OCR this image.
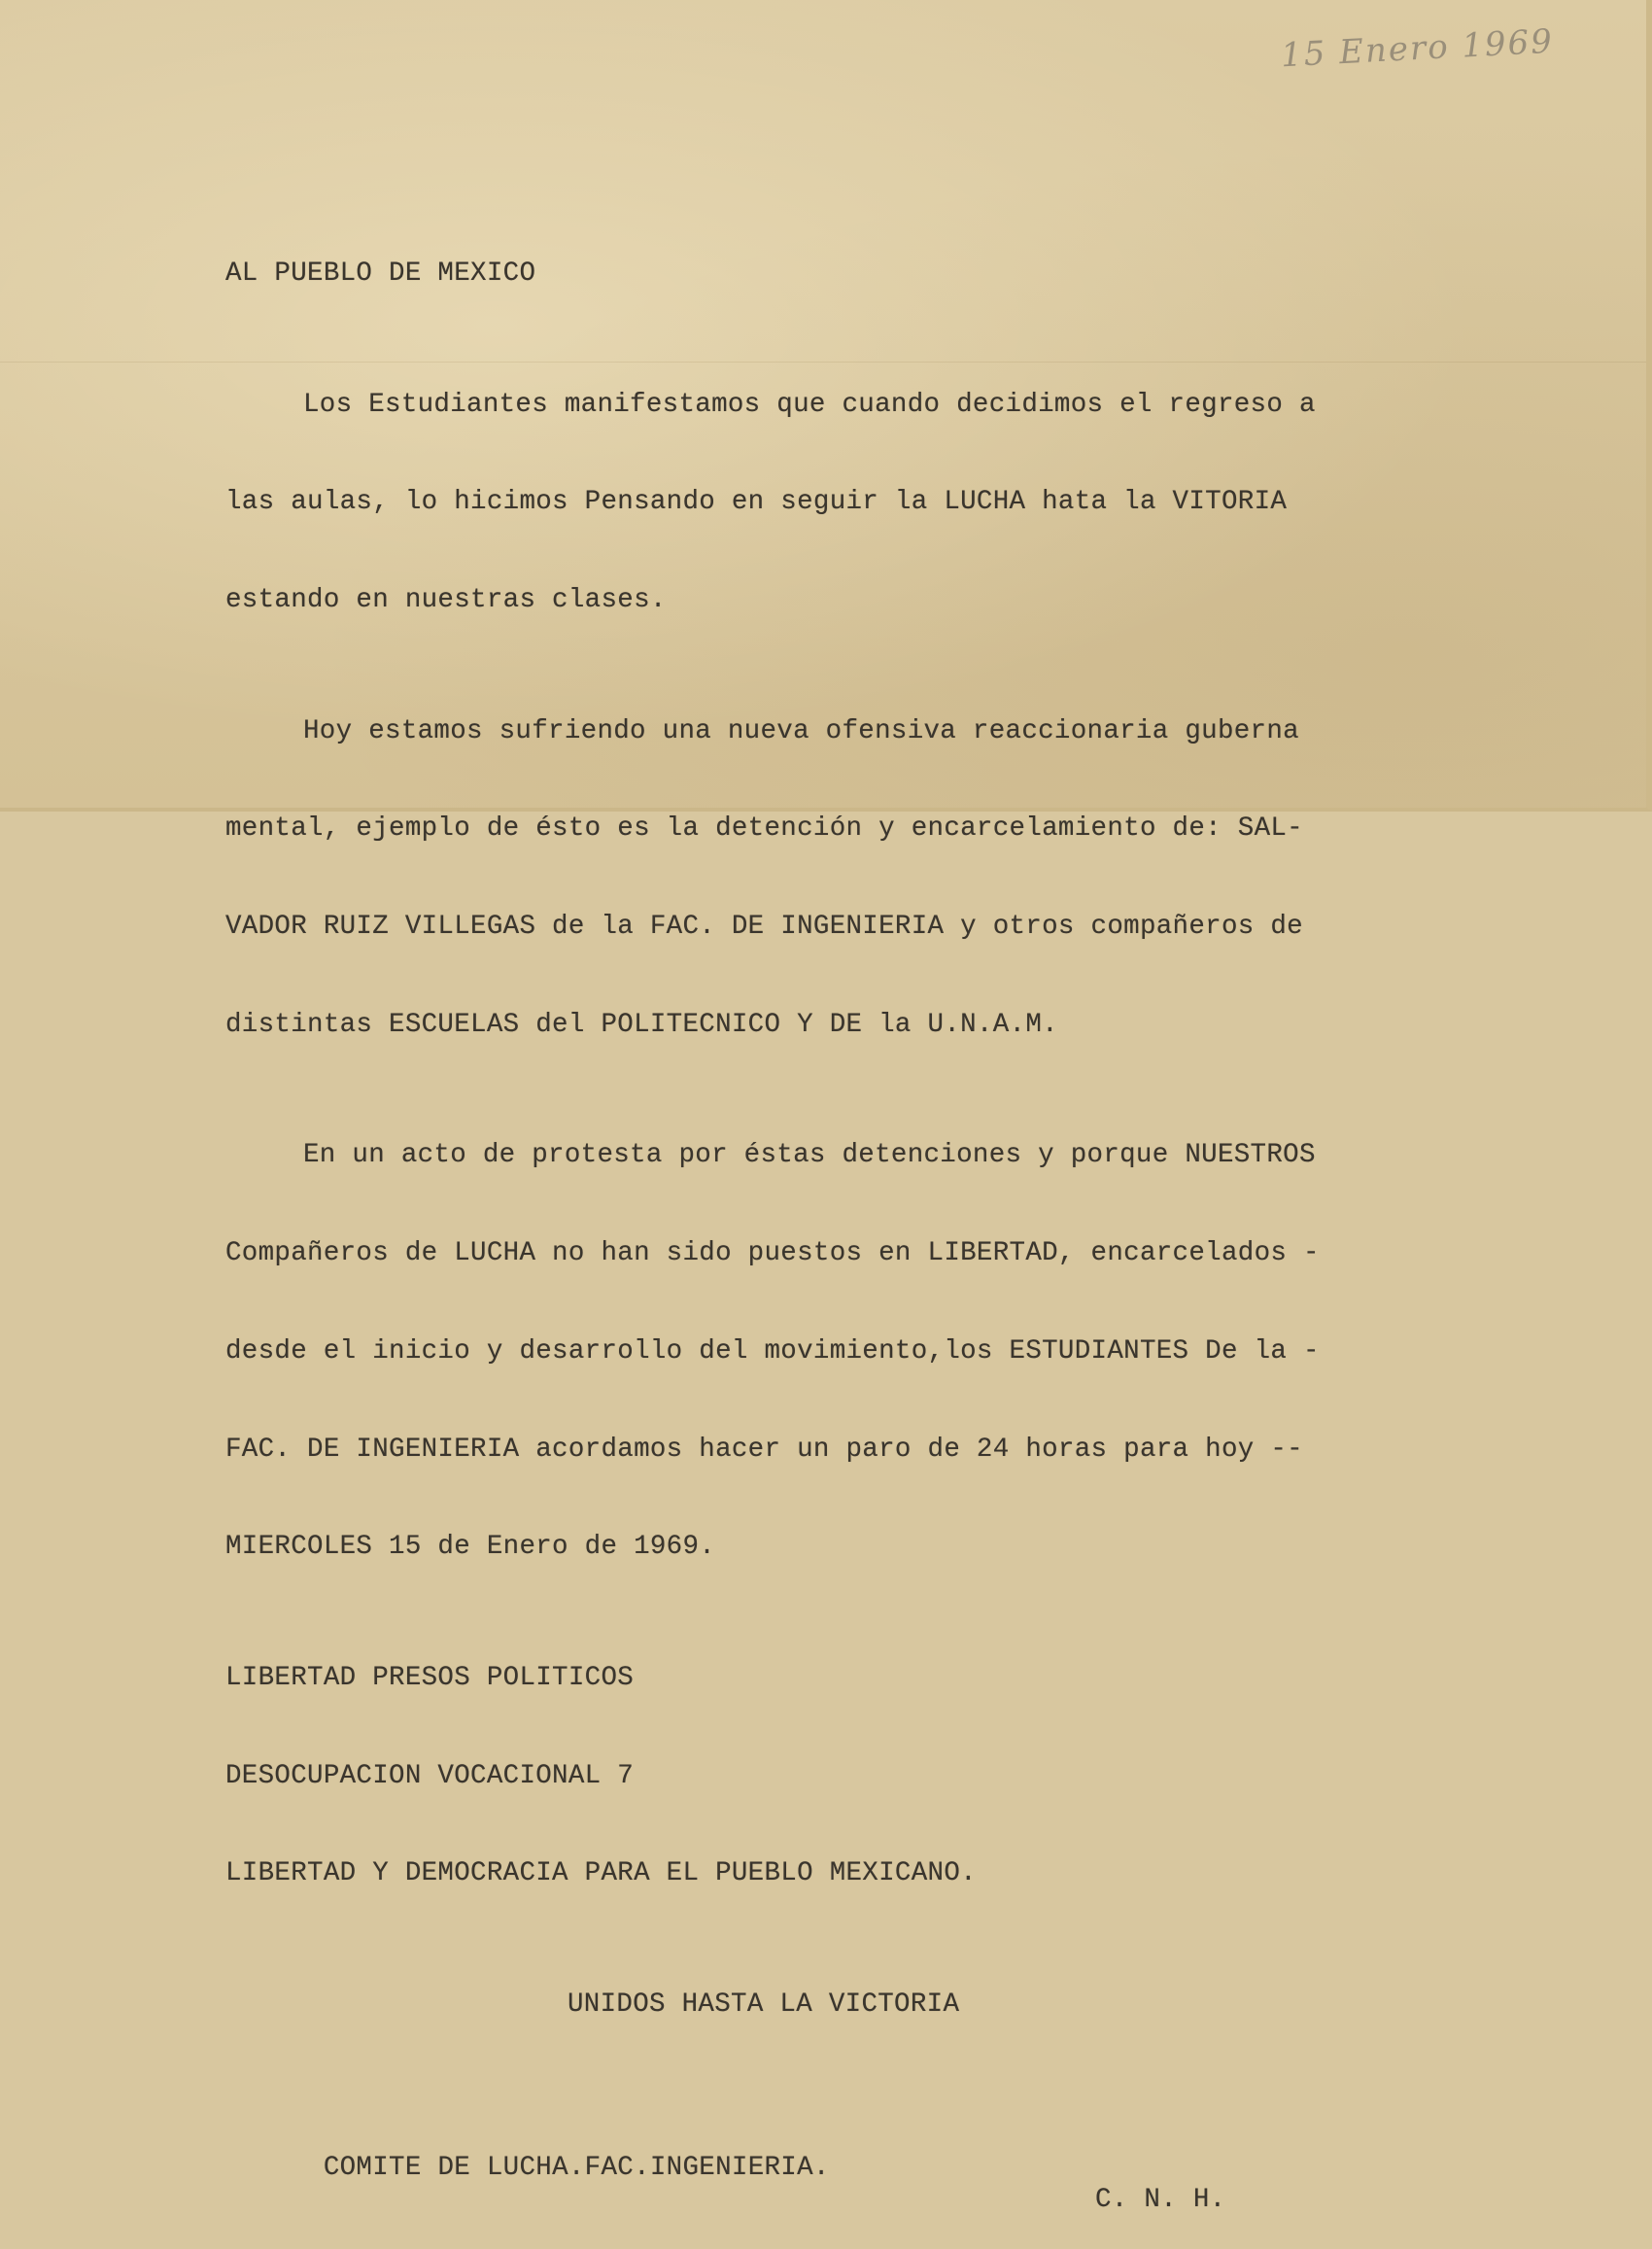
15 Enero 1969

AL PUEBLO DE MEXICO

Los Estudiantes manifestamos que cuando decidimos el regreso a

las aulas, lo hicimos Pensando en seguir la LUCHA hata la VITORIA

estando en nuestras clases.

Hoy estamos sufriendo una nueva ofensiva reaccionaria guberna

mental, ejemplo de ésto es la detención y encarcelamiento de: SAL-

VADOR RUIZ VILLEGAS de la FAC. DE INGENIERIA y otros compañeros de

distintas ESCUELAS del POLITECNICO Y DE la U.N.A.M.

En un acto de protesta por éstas detenciones y porque NUESTROS

Compañeros de LUCHA no han sido puestos en LIBERTAD, encarcelados -

desde el inicio y desarrollo del movimiento,los ESTUDIANTES De la -

FAC. DE INGENIERIA acordamos hacer un paro de 24 horas para hoy --

MIERCOLES 15 de Enero de 1969.

LIBERTAD PRESOS POLITICOS

DESOCUPACION VOCACIONAL 7

LIBERTAD Y DEMOCRACIA PARA EL PUEBLO MEXICANO.

UNIDOS HASTA LA VICTORIA

COMITE DE LUCHA.FAC.INGENIERIA.

C. N. H.
